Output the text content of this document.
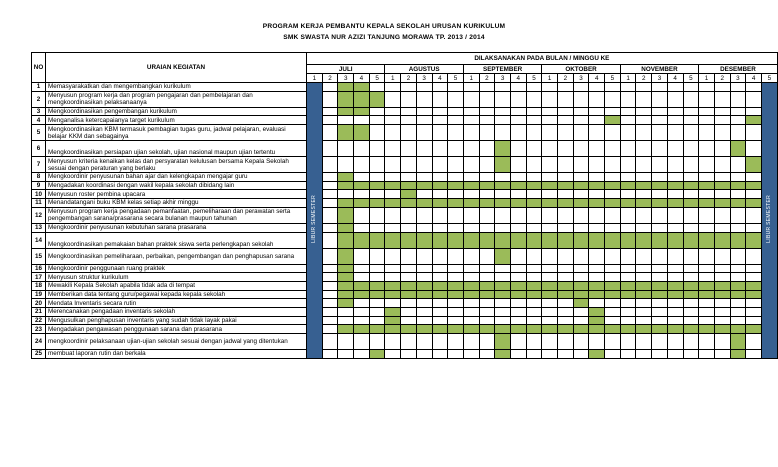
PROGRAM KERJA PEMBANTU KEPALA SEKOLAH URUSAN KURIKULUM
SMK SWASTA NUR AZIZI TANJUNG MORAWA TP. 2013 / 2014
NO	URAIAN KEGIATAN	DILAKSANAKAN PADA BULAN / MINGGU KE																													
		JULI					AGUSTUS					SEPTEMBER					OKTOBER					NOVEMBER					DESEMBER				
		1	2	3	4	5	1	2	3	4	5	1	2	3	4	5	1	2	3	4	5	1	2	3	4	5	1	2	3	4	5
1	Memasyarakatkan dan mengembangkan kurikulum	LIBUR SEMESTER																													LIBUR SEMESTER
2	Menyusun program kerja dan program pengajaran dan pembelajaran dan mengkoordinasikan pelaksanaanya																														
3	Mengkoordinasikan pengembangan kurikulum																														
4	Menganalisa ketercapaianya target kurikulum																														
5	Mengkoordinasikan KBM termasuk pembagian tugas guru, jadwal pelajaran, evaluasi belajar KKM dan sebagainya																														
6	Mengkoordinasikan persiapan ujian sekolah, ujian nasional maupun ujian tertentu																														
7	Menyusun kriteria kenaikan kelas dan persyaratan kelulusan bersama Kepala Sekolah sesuai dengan peraturan yang berlaku																														
8	Mengkoordinir penyusunan bahan ajar dan kelengkapan mengajar guru																														
9	Mengadakan koordinasi dengan wakil kepala sekolah dibidang lain																														
10	Menyusun roster pembina upacara																														
11	Menandatangani buku KBM kelas setiap akhir minggu																														
12	Menyusun program kerja pengadaan pemanfaatan, pemeliharaan dan perawatan serta pengembangan sarana/prasarana secara bulanan maupun tahunan																														
13	Mengkoordinir penyusunan kebutuhan sarana prasarana																														
14	Mengkoordinasikan pemakaian bahan praktek siswa serta perlengkapan sekolah																														
15	Mengkoordinasikan pemeliharaan, perbaikan, pengembangan dan penghapusan sarana																														
16	Mengkoordinir penggunaan ruang praktek																														
17	Menyusun struktur kurikulum																														
18	Mewakili Kepala Sekolah apabila tidak ada di tempat																														
19	Memberikan data tentang guru/pegawai kepada kepala sekolah																														
20	Mendata Inventaris secara rutin																														
21	Merencanakan pengadaan inventaris sekolah																														
22	Mengusulkan penghapusan inventaris yang sudah tidak layak pakai																														
23	Mengadakan pengawasan penggunaan sarana dan prasarana																														
24	mengkoordinir pelaksanaan ujian-ujian sekolah sesuai dengan jadwal yang ditentukan																														
25	membuat laporan rutin dan berkala																														
